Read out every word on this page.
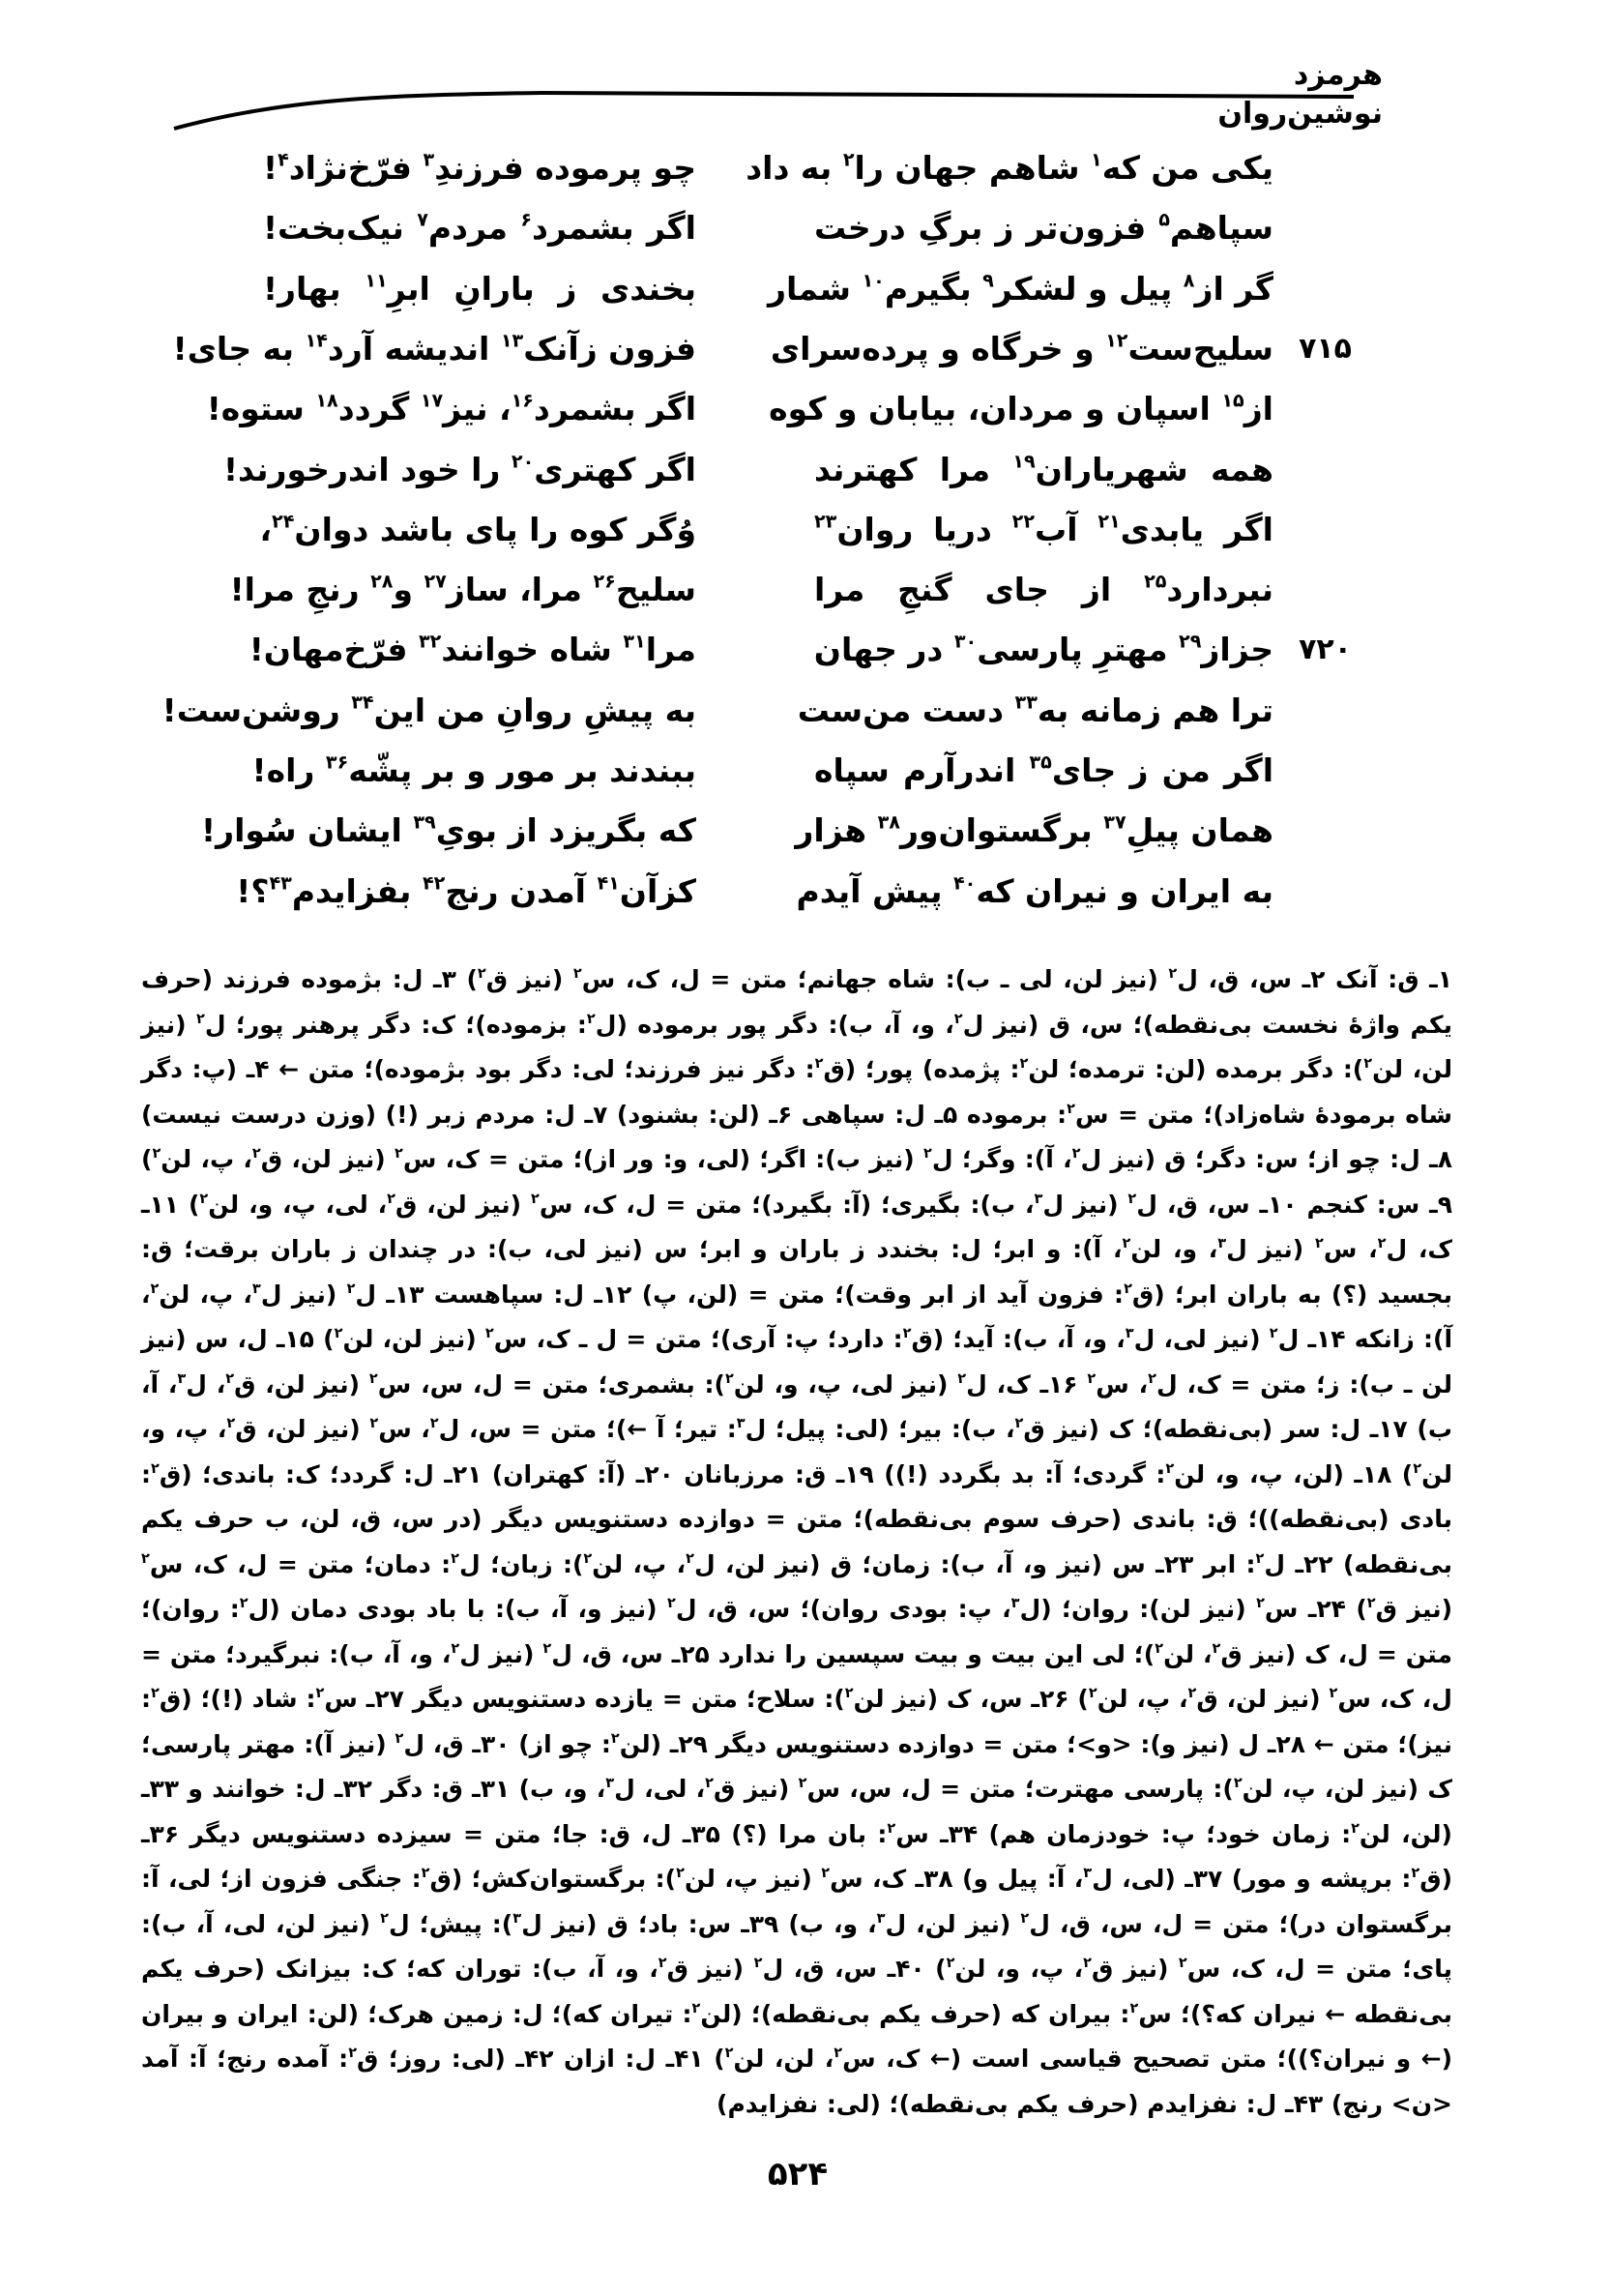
هرمزد نوشین‌روان
یکی من که$^۱$ شاهم جهان را$^۲$ به داد
چو پرموده فرزندِ$^۳$ فرّخ‌نژاد$^۴$!
سپاهم$^۵$ فزون‌تر ز برگِ درخت
اگر بشمرد$^۶$ مردم$^۷$ نیک‌بخت!
گر از$^۸$ پیل و لشکر$^۹$ بگیرم$^{۱۰}$ شمار
بخندی ز بارانِ ابرِ$^{۱۱}$ بهار!
سلیح‌ست$^{۱۲}$ و خرگاه و پرده‌سرای
فزون زآنک$^{۱۳}$ اندیشه آرد$^{۱۴}$ به جای!	۷۱۵
از$^{۱۵}$ اسپان و مردان، بیابان و کوه
اگر بشمرد$^{۱۶}$، نیز$^{۱۷}$ گردد$^{۱۸}$ ستوه!
همه شهریاران$^{۱۹}$ مرا کهترند
اگر کهتری$^{۲۰}$ را خود اندرخورند!
اگر یابدی$^{۲۱}$ آب$^{۲۲}$ دریا روان$^{۲۳}$
وُگر کوه را پای باشد دوان$^{۲۴}$،
نبردارد$^{۲۵}$ از جای گنجِ مرا
سلیح$^{۲۶}$ مرا، ساز$^{۲۷}$ و$^{۲۸}$ رنجِ مرا!
جزاز$^{۲۹}$ مهترِ پارسی$^{۳۰}$ در جهان
مرا$^{۳۱}$ شاه خوانند$^{۳۲}$ فرّخ‌مهان!	۷۲۰
ترا هم زمانه به$^{۳۳}$ دست من‌ست
به پیشِ روانِ من این$^{۳۴}$ روشن‌ست!
اگر من ز جای$^{۳۵}$ اندرآرم سپاه
ببندند بر مور و بر پشّه$^{۳۶}$ راه!
همان پیلِ$^{۳۷}$ برگستوان‌ور$^{۳۸}$ هزار
که بگریزد از بویِ$^{۳۹}$ ایشان سُوار!
به ایران و نیران که$^{۴۰}$ پیش آیدم
کزآن$^{۴۱}$ آمدن رنج$^{۴۲}$ بفزایدم$^{۴۳}$؟!
۱ـ ق: آنک ۲ـ س، ق، ل$^۲$ (نیز لن، لی ـ ب): شاه جهانم؛ متن = ل، ک، س$^۲$ (نیز ق$^۲$) ۳ـ ل: بژموده فرزند (حرف یکم واژهٔ نخست بی‌نقطه)؛ س، ق (نیز ل$^۲$، و، آ، ب): دگر پور برموده (ل$^۲$: بزموده)؛ ک: دگر پرهنر پور؛ ل$^۲$ (نیز لن، لن$^۲$): دگر برمده (لن: ترمده؛ لن$^۲$: پژمده) پور؛ (ق$^۲$: دگر نیز فرزند؛ لی: دگر بود بژموده)؛ متن ← ۴ـ (پ: دگر شاه برمودهٔ شاه‌زاد)؛ متن = س$^۲$: برموده ۵ـ ل: سپاهی ۶ـ (لن: بشنود) ۷ـ ل: مردم زبر (!) (وزن درست نیست) ۸ـ ل: چو از؛ س: دگر؛ ق (نیز ل$^۲$، آ): وگر؛ ل$^۲$ (نیز ب): اگر؛ (لی، و: ور از)؛ متن = ک، س$^۲$ (نیز لن، ق$^۲$، پ، لن$^۲$) ۹ـ س: کنجم ۱۰ـ س، ق، ل$^۲$ (نیز ل$^۳$، ب): بگیری؛ (آ: بگیرد)؛ متن = ل، ک، س$^۲$ (نیز لن، ق$^۲$، لی، پ، و، لن$^۲$) ۱۱ـ ک، ل$^۲$، س$^۲$ (نیز ل$^۳$، و، لن$^۲$، آ): و ابر؛ ل: بخندد ز باران و ابر؛ س (نیز لی، ب): در چندان ز باران برقت؛ ق: بجسید (؟) به باران ابر؛ (ق$^۲$: فزون آید از ابر وقت)؛ متن = (لن، پ) ۱۲ـ ل: سپاهست ۱۳ـ ل$^۲$ (نیز ل$^۳$، پ، لن$^۲$، آ): زانکه ۱۴ـ ل$^۲$ (نیز لی، ل$^۳$، و، آ، ب): آید؛ (ق$^۲$: دارد؛ پ: آری)؛ متن = ل ـ ک، س$^۲$ (نیز لن، لن$^۲$) ۱۵ـ ل، س (نیز لن ـ ب): ز؛ متن = ک، ل$^۲$، س$^۲$ ۱۶ـ ک، ل$^۲$ (نیز لی، پ، و، لن$^۲$): بشمری؛ متن = ل، س، س$^۲$ (نیز لن، ق$^۲$، ل$^۳$، آ، ب) ۱۷ـ ل: سر (بی‌نقطه)؛ ک (نیز ق$^۲$، ب): بیر؛ (لی: پیل؛ ل$^۳$: تیر؛ آ ←)؛ متن = س، ل$^۲$، س$^۲$ (نیز لن، ق$^۲$، پ، و، لن$^۲$) ۱۸ـ (لن، پ، و، لن$^۲$: گردی؛ آ: بد بگردد (!)) ۱۹ـ ق: مرزبانان ۲۰ـ (آ: کهتران) ۲۱ـ ل: گردد؛ ک: باندی؛ (ق$^۲$: بادی (بی‌نقطه))؛ ق: باندی (حرف سوم بی‌نقطه)؛ متن = دوازده دستنویس دیگر (در س، ق، لن، ب حرف یکم بی‌نقطه) ۲۲ـ ل$^۲$: ابر ۲۳ـ س (نیز و، آ، ب): زمان؛ ق (نیز لن، ل$^۲$، پ، لن$^۲$): زبان؛ ل$^۲$: دمان؛ متن = ل، ک، س$^۲$ (نیز ق$^۲$) ۲۴ـ س$^۲$ (نیز لن): روان؛ (ل$^۳$، پ: بودی روان)؛ س، ق، ل$^۲$ (نیز و، آ، ب): با باد بودی دمان (ل$^۲$: روان)؛ متن = ل، ک (نیز ق$^۲$، لن$^۲$)؛ لی این بیت و بیت سپسین را ندارد ۲۵ـ س، ق، ل$^۲$ (نیز ل$^۲$، و، آ، ب): نبرگیرد؛ متن = ل، ک، س$^۲$ (نیز لن، ق$^۲$، پ، لن$^۲$) ۲۶ـ س، ک (نیز لن$^۲$): سلاح؛ متن = یازده دستنویس دیگر ۲۷ـ س$^۲$: شاد (!)؛ (ق$^۲$: نیز)؛ متن ← ۲۸ـ ل (نیز و): <و>؛ متن = دوازده دستنویس دیگر ۲۹ـ (لن$^۲$: چو از) ۳۰ـ ق، ل$^۲$ (نیز آ): مهتر پارسی؛ ک (نیز لن، پ، لن$^۲$): پارسی مهترت؛ متن = ل، س، س$^۲$ (نیز ق$^۲$، لی، ل$^۳$، و، ب) ۳۱ـ ق: دگر ۳۲ـ ل: خوانند و ۳۳ـ (لن، لن$^۲$: زمان خود؛ پ: خودزمان هم) ۳۴ـ س$^۲$: بان مرا (؟) ۳۵ـ ل، ق: جا؛ متن = سیزده دستنویس دیگر ۳۶ـ (ق$^۲$: برپشه و مور) ۳۷ـ (لی، ل$^۳$، آ: پیل و) ۳۸ـ ک، س$^۲$ (نیز پ، لن$^۲$): برگستوان‌کش؛ (ق$^۲$: جنگی فزون از؛ لی، آ: برگستوان در)؛ متن = ل، س، ق، ل$^۲$ (نیز لن، ل$^۳$، و، ب) ۳۹ـ س: باد؛ ق (نیز ل$^۳$): پیش؛ ل$^۲$ (نیز لن، لی، آ، ب): پای؛ متن = ل، ک، س$^۲$ (نیز ق$^۲$، پ، و، لن$^۲$) ۴۰ـ س، ق، ل$^۲$ (نیز ق$^۲$، و، آ، ب): توران که؛ ک: بیزانک (حرف یکم بی‌نقطه ← نیران که؟)؛ س$^۲$: بیران که (حرف یکم بی‌نقطه)؛ (لن$^۲$: تیران که)؛ ل: زمین هرک؛ (لن: ایران و بیران (← و نیران؟))؛ متن تصحیح قیاسی است (← ک، س$^۲$، لن، لن$^۲$) ۴۱ـ ل: ازان ۴۲ـ (لی: روز؛ ق$^۲$: آمده رنج؛ آ: آمد <ن> رنج) ۴۳ـ ل: نفزایدم (حرف یکم بی‌نقطه)؛ (لی: نفزایدم)
۵۲۴
